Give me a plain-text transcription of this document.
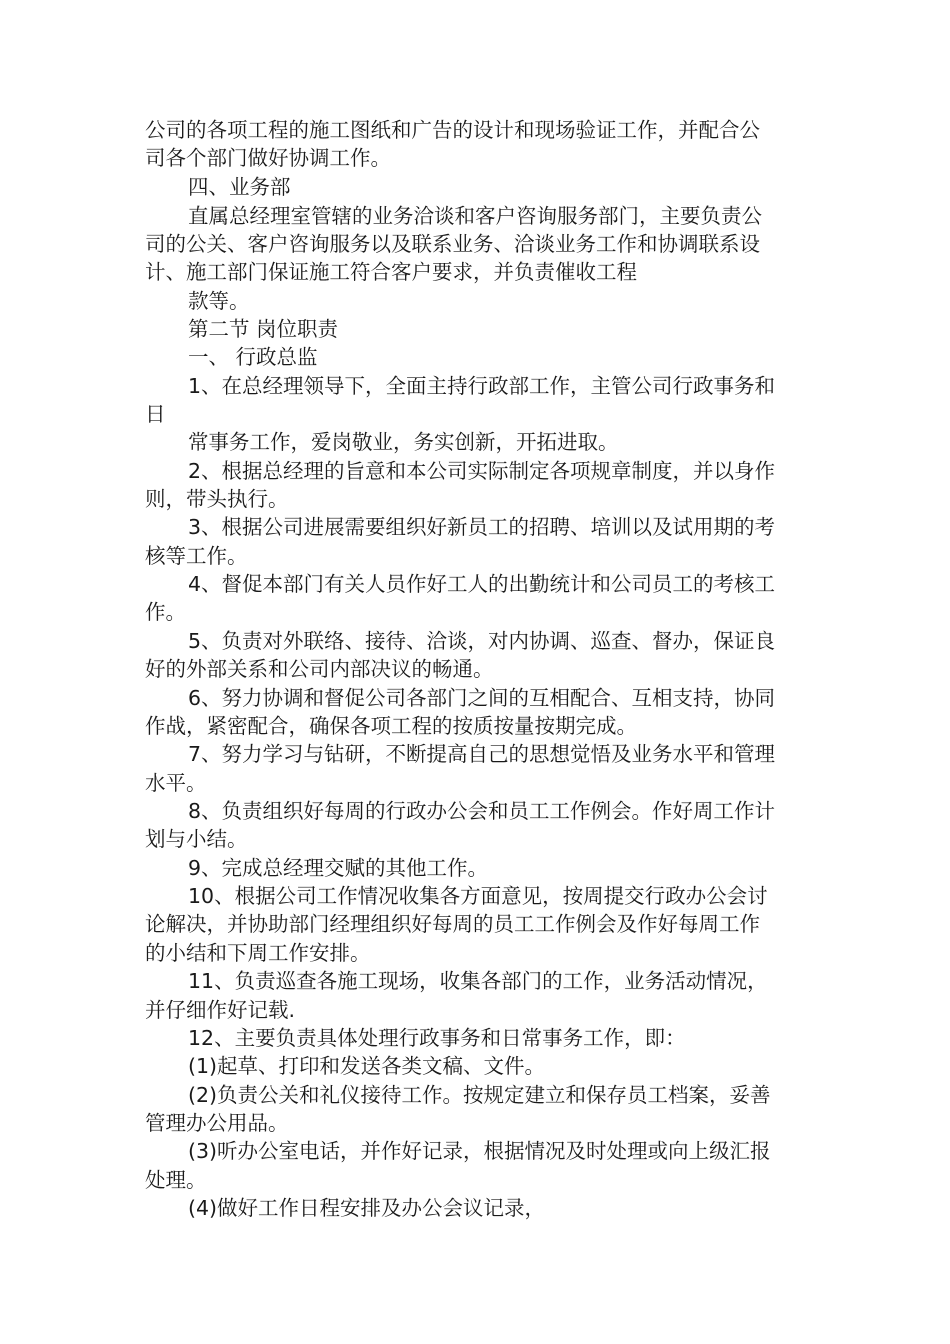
公司的各项工程的施工图纸和广告的设计和现场验证工作，并配合公
司各个部门做好协调工作。
四、业务部
直属总经理室管辖的业务洽谈和客户咨询服务部门，主要负责公
司的公关、客户咨询服务以及联系业务、洽谈业务工作和协调联系设
计、施工部门保证施工符合客户要求，并负责催收工程
款等。
第二节 岗位职责
一、 行政总监
1、在总经理领导下，全面主持行政部工作，主管公司行政事务和
日
常事务工作，爱岗敬业，务实创新，开拓进取。
2、根据总经理的旨意和本公司实际制定各项规章制度，并以身作
则，带头执行。
3、根据公司进展需要组织好新员工的招聘、培训以及试用期的考
核等工作。
4、督促本部门有关人员作好工人的出勤统计和公司员工的考核工
作。
5、负责对外联络、接待、洽谈，对内协调、巡查、督办，保证良
好的外部关系和公司内部决议的畅通。
6、努力协调和督促公司各部门之间的互相配合、互相支持，协同
作战，紧密配合，确保各项工程的按质按量按期完成。
7、努力学习与钻研，不断提高自己的思想觉悟及业务水平和管理
水平。
8、负责组织好每周的行政办公会和员工工作例会。作好周工作计
划与小结。
9、完成总经理交赋的其他工作。
10、根据公司工作情况收集各方面意见，按周提交行政办公会讨
论解决，并协助部门经理组织好每周的员工工作例会及作好每周工作
的小结和下周工作安排。
11、负责巡查各施工现场，收集各部门的工作，业务活动情况，
并仔细作好记载.
12、主要负责具体处理行政事务和日常事务工作，即：
(1)起草、打印和发送各类文稿、文件。
(2)负责公关和礼仪接待工作。按规定建立和保存员工档案，妥善
管理办公用品。
(3)听办公室电话，并作好记录，根据情况及时处理或向上级汇报
处理。
(4)做好工作日程安排及办公会议记录，
